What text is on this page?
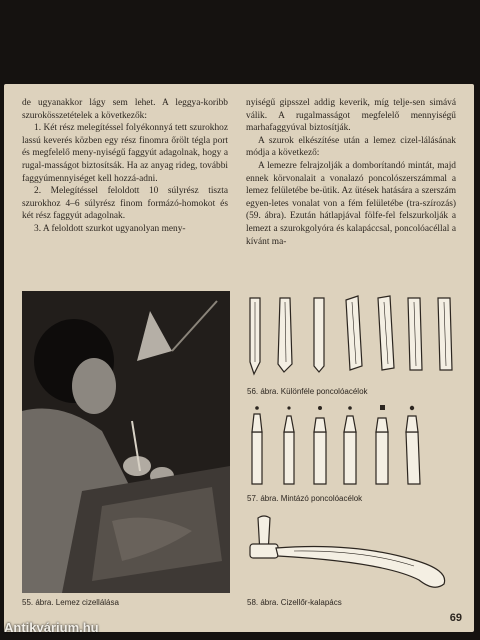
de ugyanakkor lágy sem lehet. A leggya-koribb szurokösszetételek a következők:

1. Két rész melegítéssel folyékonnyá tett szurokhoz lassú keverés közben egy rész finomra őrölt tégla port és megfelelő meny-nyiségű faggyút adagolnak, hogy a rugal-masságot biztosítsák. Ha az anyag rideg, további faggyúmennyiséget kell hozzá-adni.

2. Melegítéssel feloldott 10 súlyrész tiszta szurokhoz 4–6 súlyrész finom formázó-homokot és két rész faggyút adagolnak.

3. A feloldott szurkot ugyanolyan meny-

nyiségű gipsszel addig keverik, míg telje-sen simává válik. A rugalmasságot megfelelő mennyiségű marhafaggyúval biztosítják.

A szurok elkészítése után a lemez cizel-lálásának módja a következő:

A lemezre felrajzolják a domborítandó mintát, majd ennek körvonalait a vonalazó poncolószerszámmal a lemez felületébe be-ütik. Az ütések hatására a szerszám egyen-letes vonalat von a fém felületébe (tra-szírozás) (59. ábra). Ezután hátlapjával fölfe-fel felszurkolják a lemezt a szurokgolyóra és kalapáccsal, poncolóacéllal a kívánt ma-

55. ábra. Lemez cizellálása
56. ábra. Különféle poncolóacélok
57. ábra. Mintázó poncolóacélok
58. ábra. Cizellőr-kalapács
69
Antikvárium.hu
